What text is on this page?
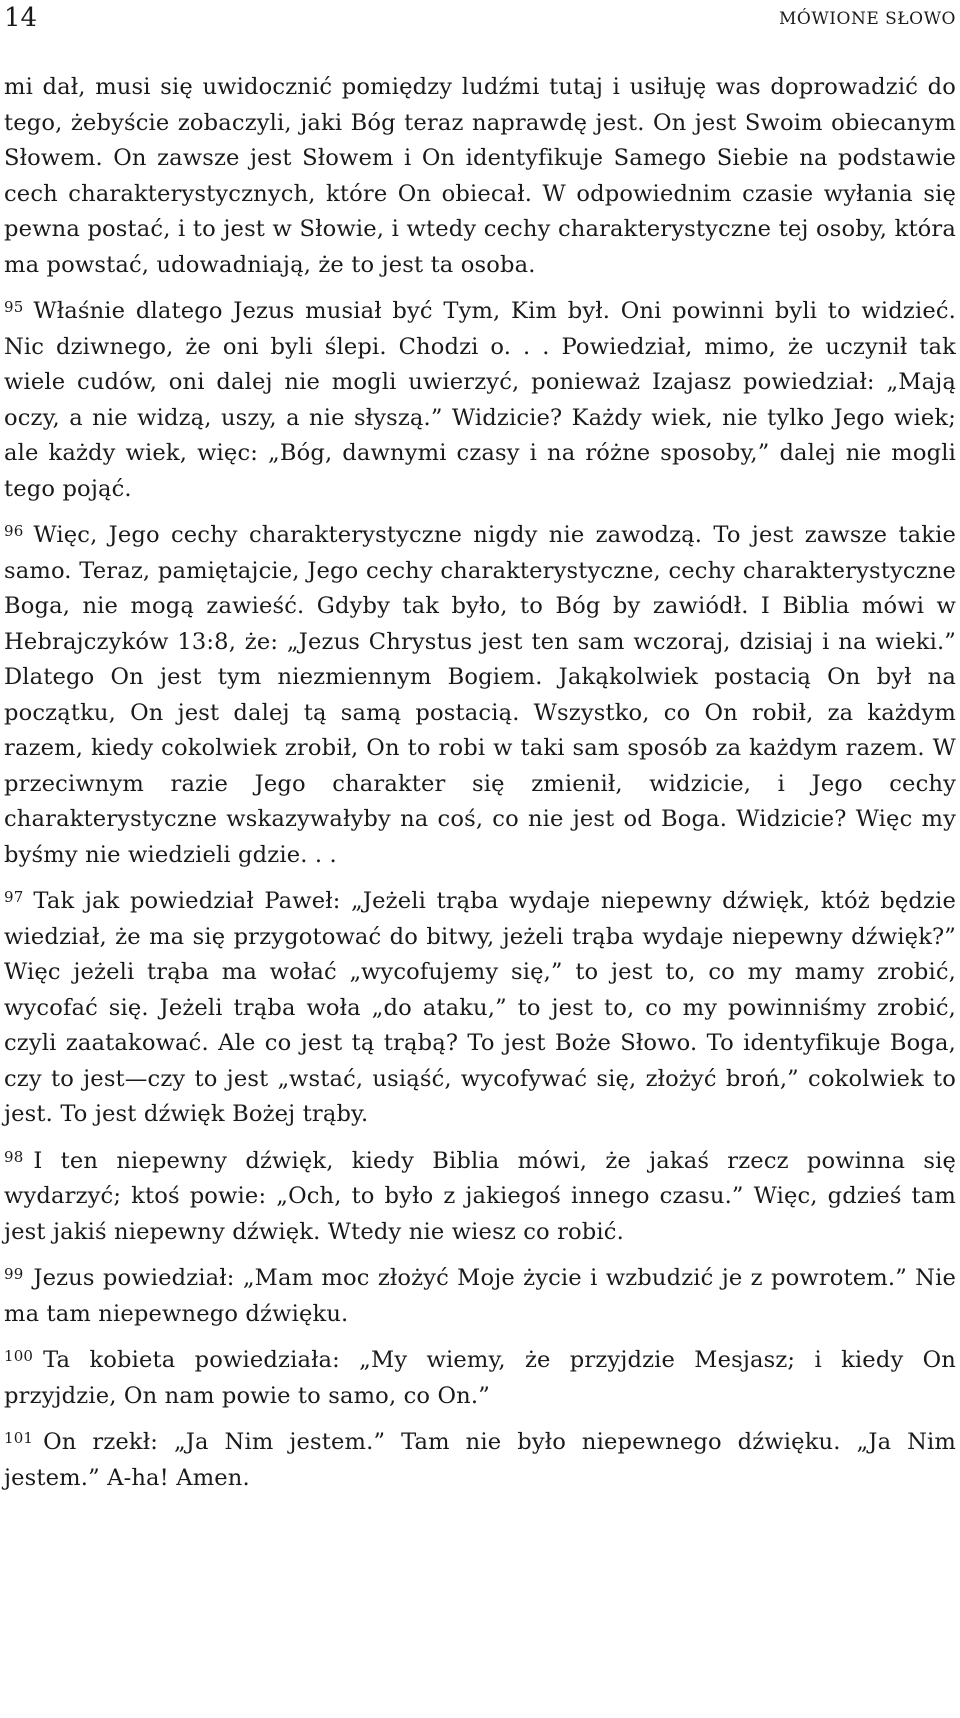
14	MÓWIONE SŁOWO

mi dał, musi się uwidocznić pomiędzy ludźmi tutaj i usiłuję was doprowadzić do tego, żebyście zobaczyli, jaki Bóg teraz naprawdę jest. On jest Swoim obiecanym Słowem. On zawsze jest Słowem i On identyfikuje Samego Siebie na podstawie cech charakterystycznych, które On obiecał. W odpowiednim czasie wyłania się pewna postać, i to jest w Słowie, i wtedy cechy charakterystyczne tej osoby, która ma powstać, udowadniają, że to jest ta osoba.

$^{95}$ Właśnie dlatego Jezus musiał być Tym, Kim był. Oni powinni byli to widzieć. Nic dziwnego, że oni byli ślepi. Chodzi o. . . Powiedział, mimo, że uczynił tak wiele cudów, oni dalej nie mogli uwierzyć, ponieważ Izajasz powiedział: „Mają oczy, a nie widzą, uszy, a nie słyszą.” Widzicie? Każdy wiek, nie tylko Jego wiek; ale każdy wiek, więc: „Bóg, dawnymi czasy i na różne sposoby,” dalej nie mogli tego pojąć.

$^{96}$ Więc, Jego cechy charakterystyczne nigdy nie zawodzą. To jest zawsze takie samo. Teraz, pamiętajcie, Jego cechy charakterystyczne, cechy charakterystyczne Boga, nie mogą zawieść. Gdyby tak było, to Bóg by zawiódł. I Biblia mówi w Hebrajczyków 13:8, że: „Jezus Chrystus jest ten sam wczoraj, dzisiaj i na wieki.” Dlatego On jest tym niezmiennym Bogiem. Jakąkolwiek postacią On był na początku, On jest dalej tą samą postacią. Wszystko, co On robił, za każdym razem, kiedy cokolwiek zrobił, On to robi w taki sam sposób za każdym razem. W przeciwnym razie Jego charakter się zmienił, widzicie, i Jego cechy charakterystyczne wskazywałyby na coś, co nie jest od Boga. Widzicie? Więc my byśmy nie wiedzieli gdzie. . .

$^{97}$ Tak jak powiedział Paweł: „Jeżeli trąba wydaje niepewny dźwięk, któż będzie wiedział, że ma się przygotować do bitwy, jeżeli trąba wydaje niepewny dźwięk?” Więc jeżeli trąba ma wołać „wycofujemy się,” to jest to, co my mamy zrobić, wycofać się. Jeżeli trąba woła „do ataku,” to jest to, co my powinniśmy zrobić, czyli zaatakować. Ale co jest tą trąbą? To jest Boże Słowo. To identyfikuje Boga, czy to jest—czy to jest „wstać, usiąść, wycofywać się, złożyć broń,” cokolwiek to jest. To jest dźwięk Bożej trąby.

$^{98}$ I ten niepewny dźwięk, kiedy Biblia mówi, że jakaś rzecz powinna się wydarzyć; ktoś powie: „Och, to było z jakiegoś innego czasu.” Więc, gdzieś tam jest jakiś niepewny dźwięk. Wtedy nie wiesz co robić.

$^{99}$ Jezus powiedział: „Mam moc złożyć Moje życie i wzbudzić je z powrotem.” Nie ma tam niepewnego dźwięku.

$^{100}$ Ta kobieta powiedziała: „My wiemy, że przyjdzie Mesjasz; i kiedy On przyjdzie, On nam powie to samo, co On.”

$^{101}$ On rzekł: „Ja Nim jestem.” Tam nie było niepewnego dźwięku. „Ja Nim jestem.” A-ha! Amen.
